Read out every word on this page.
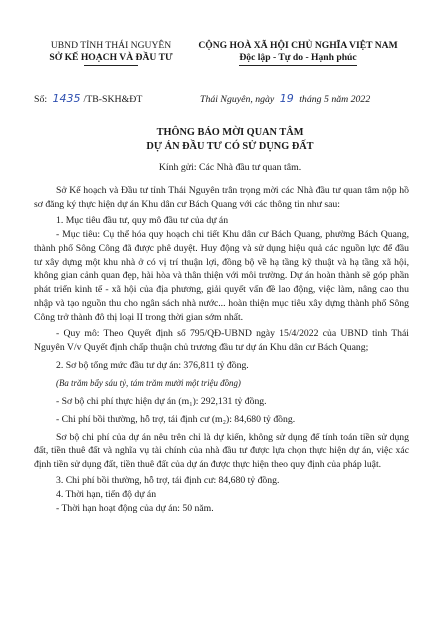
UBND TỈNH THÁI NGUYÊN
SỞ KẾ HOẠCH VÀ ĐẦU TƯ
CỘNG HOÀ XÃ HỘI CHỦ NGHĨA VIỆT NAM
Độc lập - Tự do - Hạnh phúc
Số: 1435 /TB-SKH&ĐT	Thái Nguyên, ngày 19 tháng 5 năm 2022
THÔNG BÁO MỜI QUAN TÂM
DỰ ÁN ĐẦU TƯ CÓ SỬ DỤNG ĐẤT
Kính gửi: Các Nhà đầu tư quan tâm.

Sở Kế hoạch và Đầu tư tỉnh Thái Nguyên trân trọng mời các Nhà đầu tư quan tâm nộp hồ sơ đăng ký thực hiện dự án Khu dân cư Bách Quang với các thông tin như sau:

1. Mục tiêu đầu tư, quy mô đầu tư của dự án

- Mục tiêu: Cụ thể hóa quy hoạch chi tiết Khu dân cư Bách Quang, phường Bách Quang, thành phố Sông Công đã được phê duyệt. Huy động và sử dụng hiệu quả các nguồn lực để đầu tư xây dựng một khu nhà ở có vị trí thuận lợi, đồng bộ về hạ tầng kỹ thuật và hạ tầng xã hội, không gian cảnh quan đẹp, hài hòa và thân thiện với môi trường. Dự án hoàn thành sẽ góp phần phát triển kinh tế - xã hội của địa phương, giải quyết vấn đề lao động, việc làm, nâng cao thu nhập và tạo nguồn thu cho ngân sách nhà nước... hoàn thiện mục tiêu xây dựng thành phố Sông Công trở thành đô thị loại II trong thời gian sớm nhất.

- Quy mô: Theo Quyết định số 795/QĐ-UBND ngày 15/4/2022 của UBND tỉnh Thái Nguyên V/v Quyết định chấp thuận chủ trương đầu tư dự án Khu dân cư Bách Quang;

2. Sơ bộ tổng mức đầu tư dự án: 376,811 tỷ đồng.

(Ba trăm bẩy sáu tỷ, tám trăm mười một triệu đồng)

- Sơ bộ chi phí thực hiện dự án (m₁): 292,131 tỷ đồng.

- Chi phí bồi thường, hỗ trợ, tái định cư (m₂): 84,680 tỷ đồng.

Sơ bộ chi phí của dự án nêu trên chỉ là dự kiến, không sử dụng để tính toán tiền sử dụng đất, tiền thuê đất và nghĩa vụ tài chính của nhà đầu tư được lựa chọn thực hiện dự án, việc xác định tiền sử dụng đất, tiền thuê đất của dự án được thực hiện theo quy định của pháp luật.

3. Chi phí bồi thường, hỗ trợ, tái định cư: 84,680 tỷ đồng.

4. Thời hạn, tiến độ dự án

- Thời hạn hoạt động của dự án: 50 năm.
